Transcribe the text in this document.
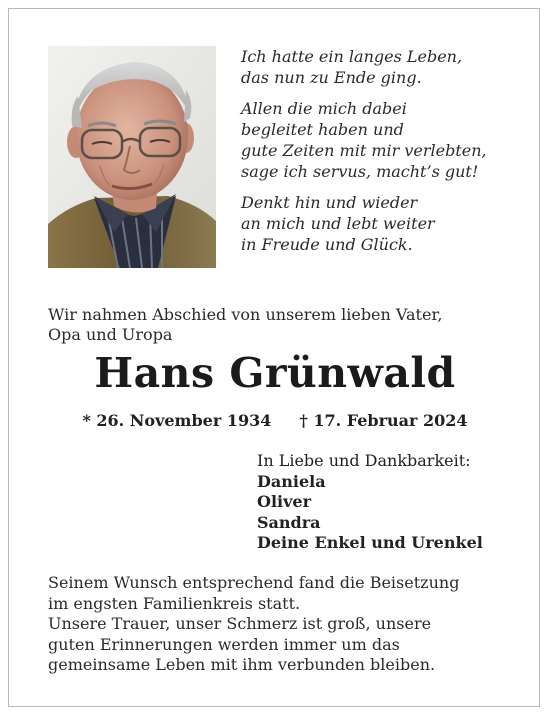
Ich hatte ein langes Leben,
das nun zu Ende ging.
Allen die mich dabei
begleitet haben und
gute Zeiten mit mir verlebten,
sage ich servus, macht’s gut!
Denkt hin und wieder
an mich und lebt weiter
in Freude und Glück.
Wir nahmen Abschied von unserem lieben Vater,
Opa und Uropa
Hans Grünwald
* 26. November 1934 † 17. Februar 2024
In Liebe und Dankbarkeit:
Daniela
Oliver
Sandra
Deine Enkel und Urenkel
Seinem Wunsch entsprechend fand die Beisetzung
im engsten Familienkreis statt.
Unsere Trauer, unser Schmerz ist groß, unsere
guten Erinnerungen werden immer um das
gemeinsame Leben mit ihm verbunden bleiben.
